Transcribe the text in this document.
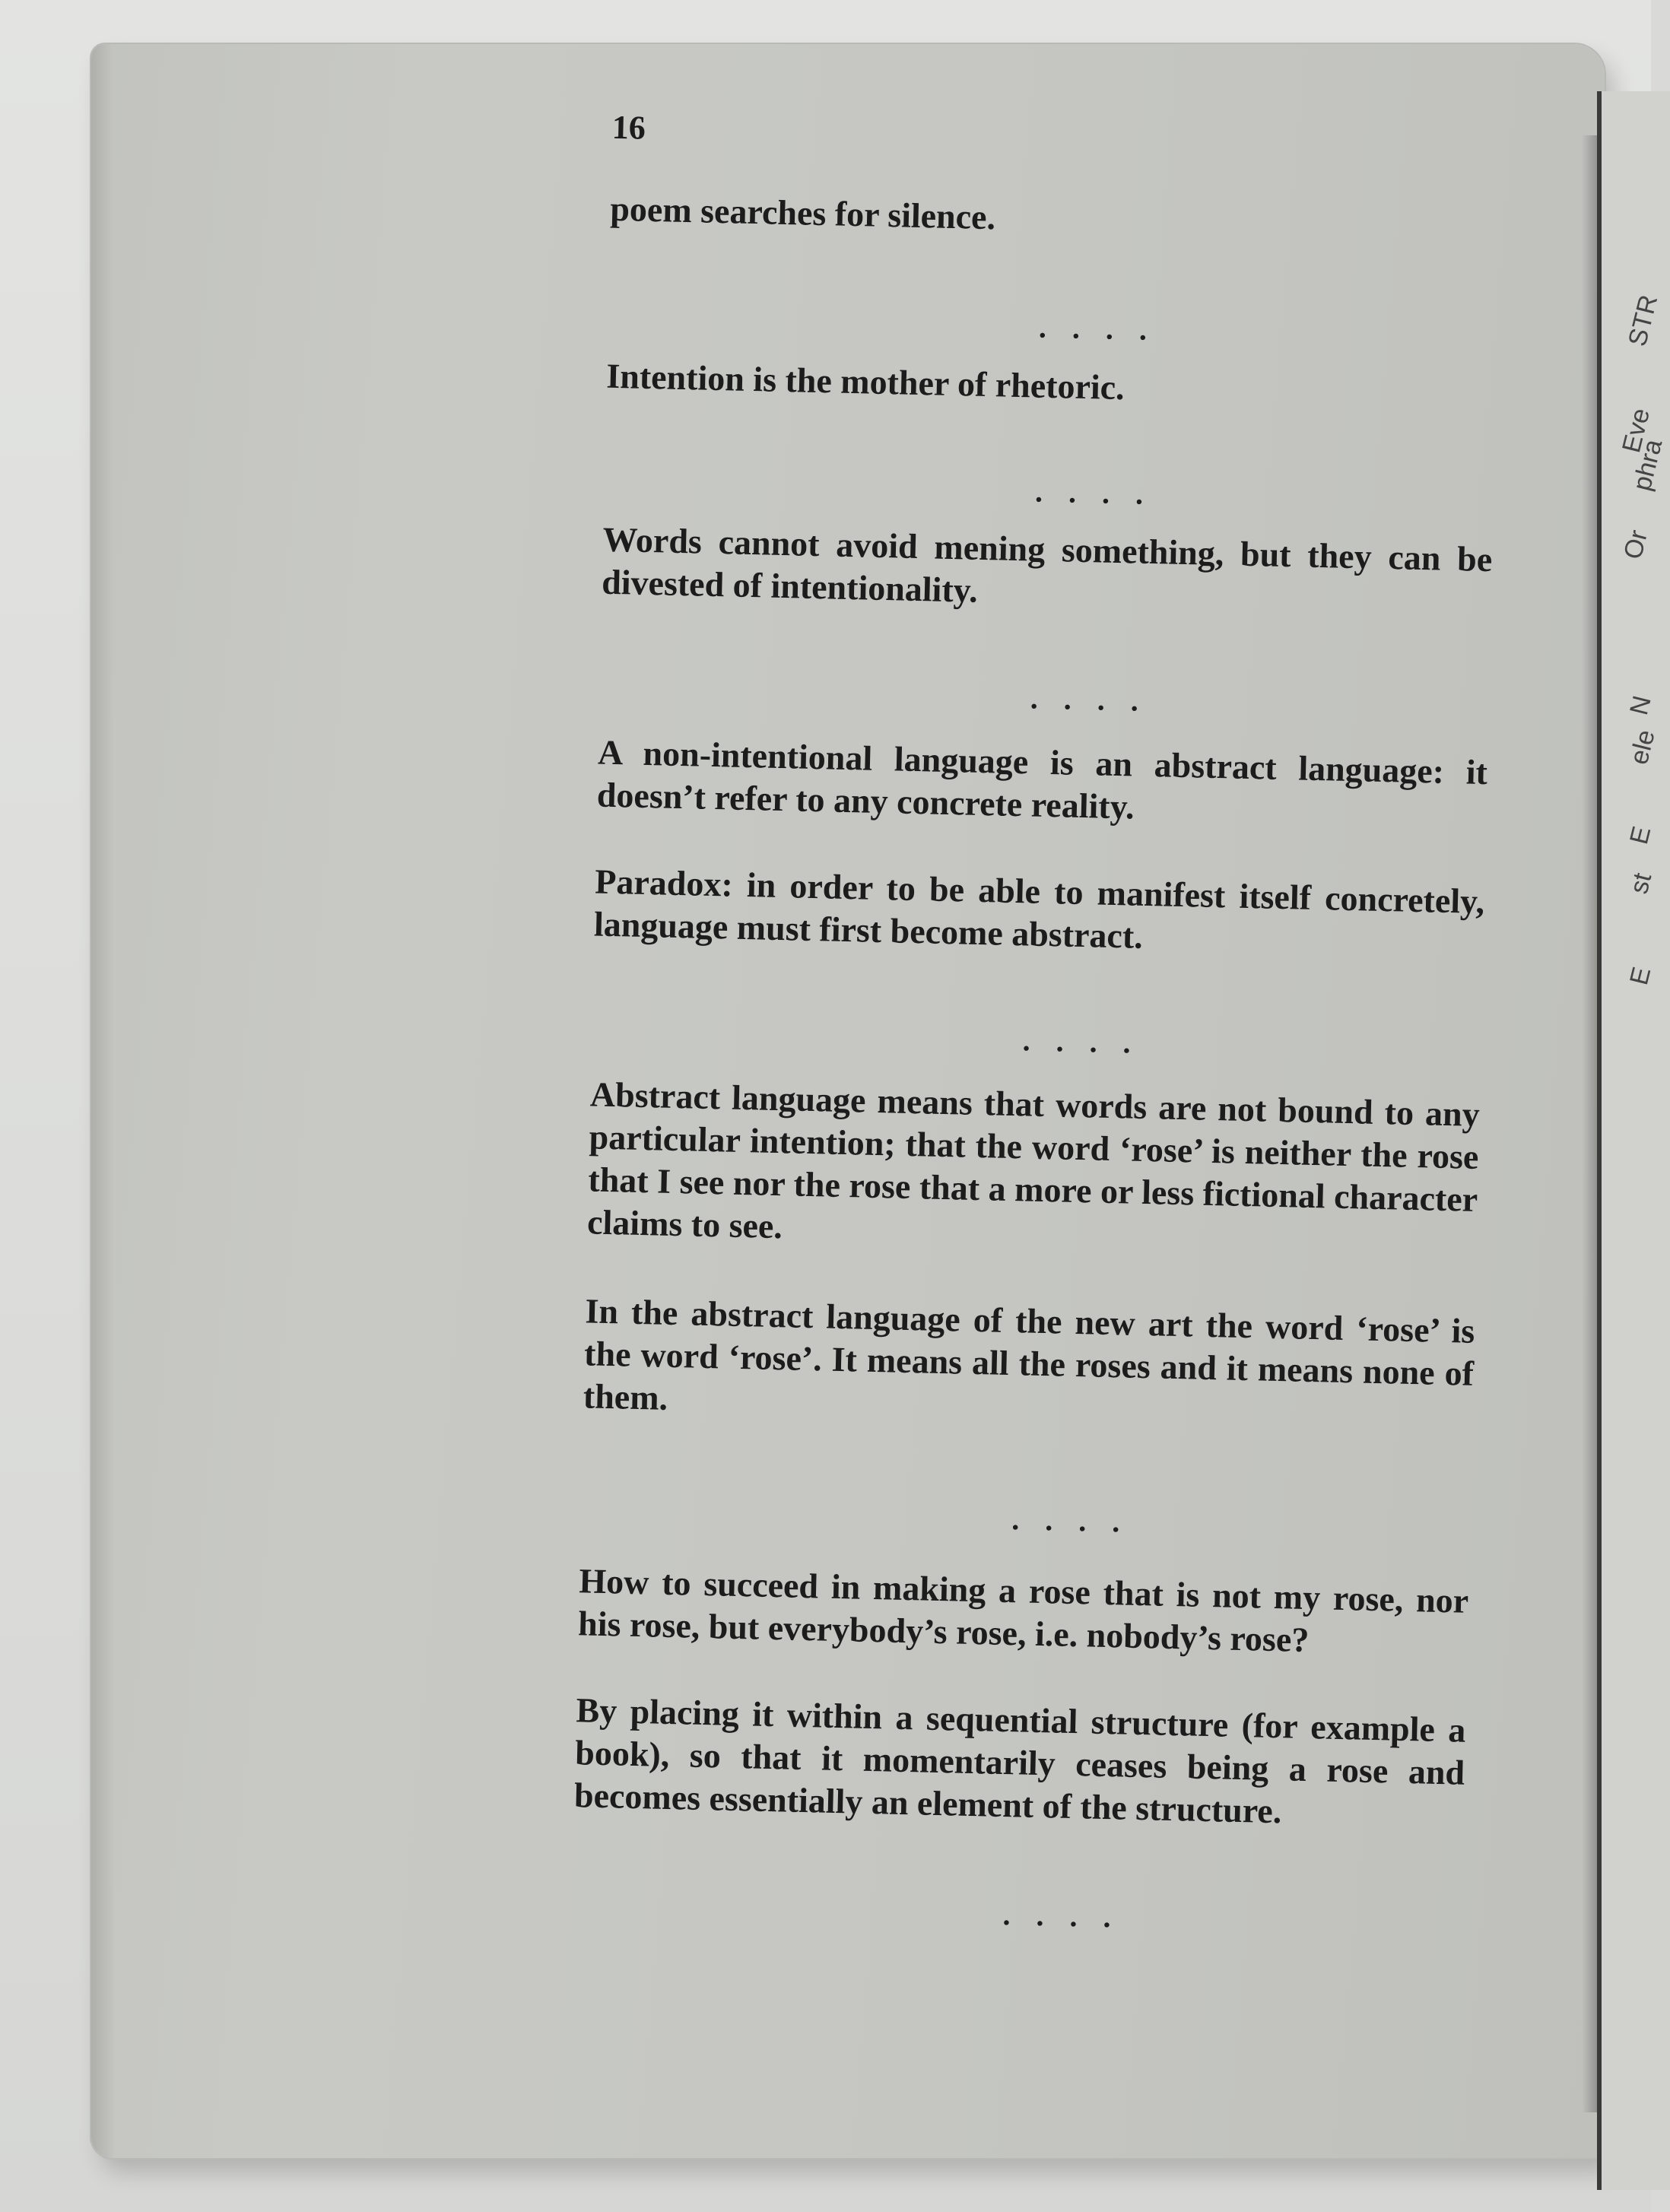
16

poem searches for silence.

. . . .

Intention is the mother of rhetoric.

. . . .

Words cannot avoid mening something, but they can be divested of intentionality.

. . . .

A non-intentional language is an abstract language: it doesn’t refer to any concrete reality.

Paradox: in order to be able to manifest itself concretely, language must first become abstract.

. . . .

Abstract language means that words are not bound to any particular intention; that the word ‘rose’ is neither the rose that I see nor the rose that a more or less fictional character claims to see.

In the abstract language of the new art the word ‘rose’ is the word ‘rose’. It means all the roses and it means none of them.

. . . .

How to succeed in making a rose that is not my rose, nor his rose, but everybody’s rose, i.e. nobody’s rose?

By placing it within a sequential structure (for example a book), so that it momentarily ceases being a rose and becomes essentially an element of the structure.

. . . .
STR
Eve
phra
Or
N
ele
E
st
E
